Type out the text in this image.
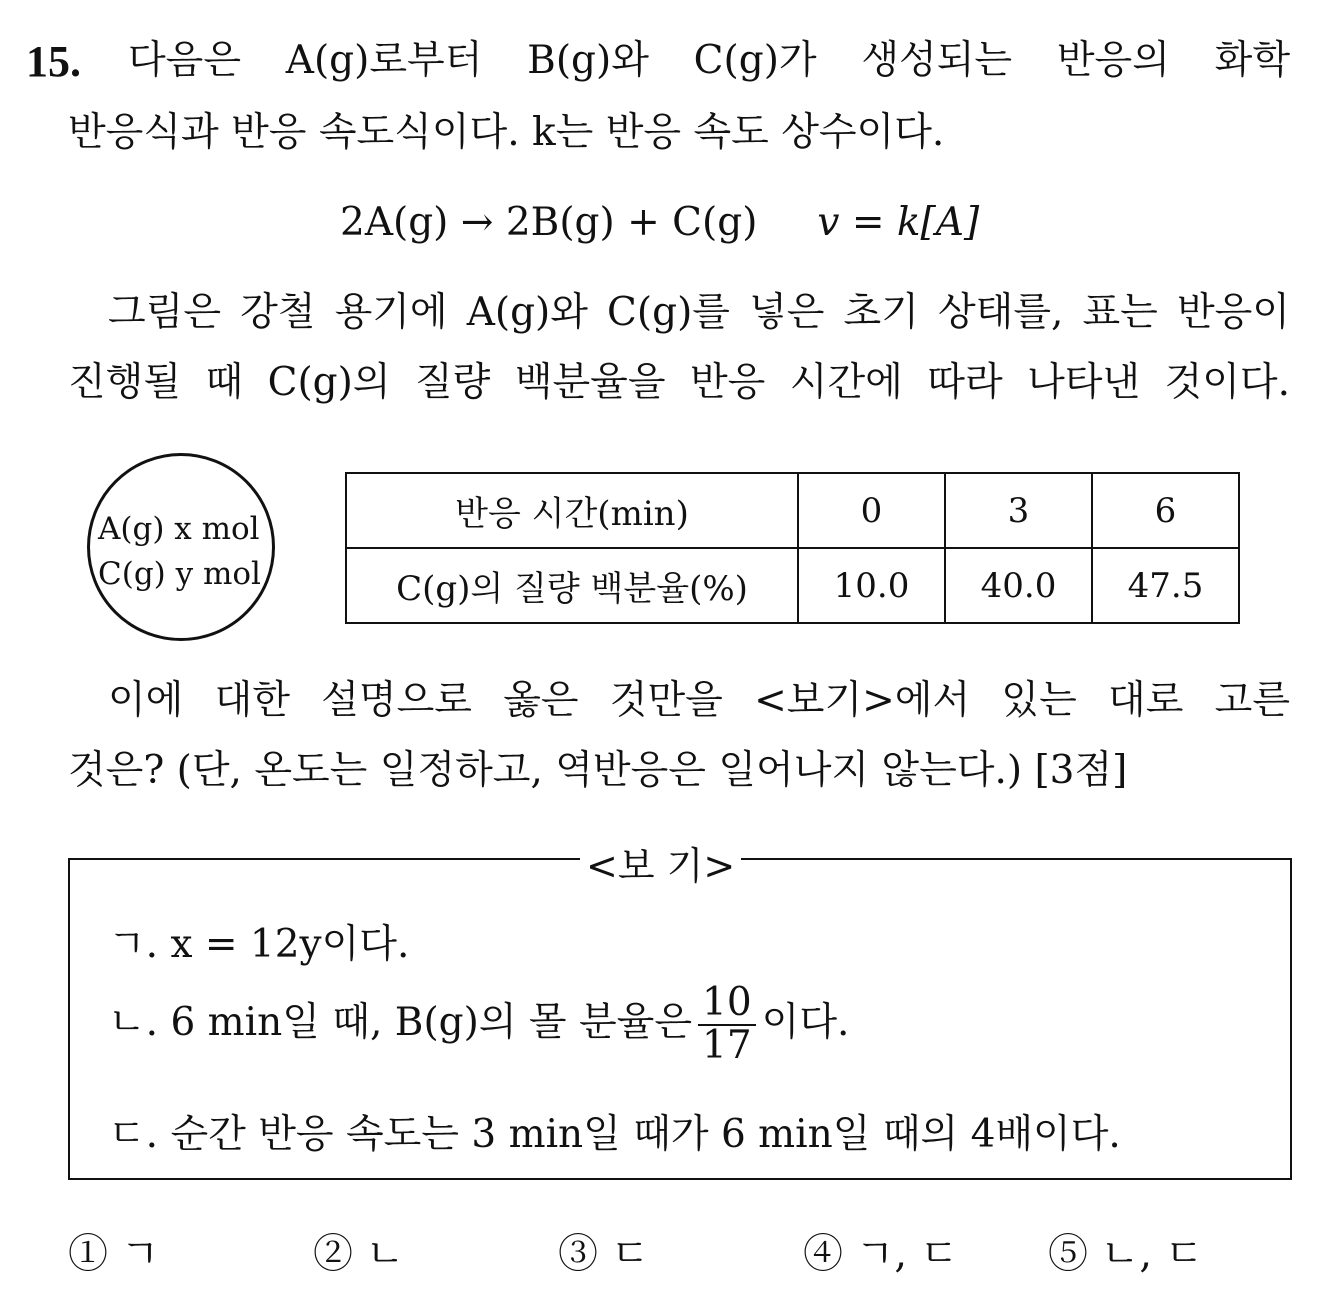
15. 다음은 A(g)로부터 B(g)와 C(g)가 생성되는 반응의 화학
반응식과 반응 속도식이다. k는 반응 속도 상수이다.
2A(g) → 2B(g) + C(g) v = k[A]
그림은 강철 용기에 A(g)와 C(g)를 넣은 초기 상태를, 표는 반응이
진행될 때 C(g)의 질량 백분율을 반응 시간에 따라 나타낸 것이다.
A(g) x mol
C(g) y mol
반응 시간(min)	0	3	6
C(g)의 질량 백분율(%)	10.0	40.0	47.5
이에 대한 설명으로 옳은 것만을 <보기>에서 있는 대로 고른
것은? (단, 온도는 일정하고, 역반응은 일어나지 않는다.) [3점]
<보 기>
ㄱ. x = 12y이다.
ㄴ. 6 min일 때, B(g)의 몰 분율은 $\frac{10}{17}$ 이다.
ㄷ. 순간 반응 속도는 3 min일 때가 6 min일 때의 4배이다.
① ㄱ	② ㄴ	③ ㄷ	④ ㄱ, ㄷ ⑤ ㄴ, ㄷ
